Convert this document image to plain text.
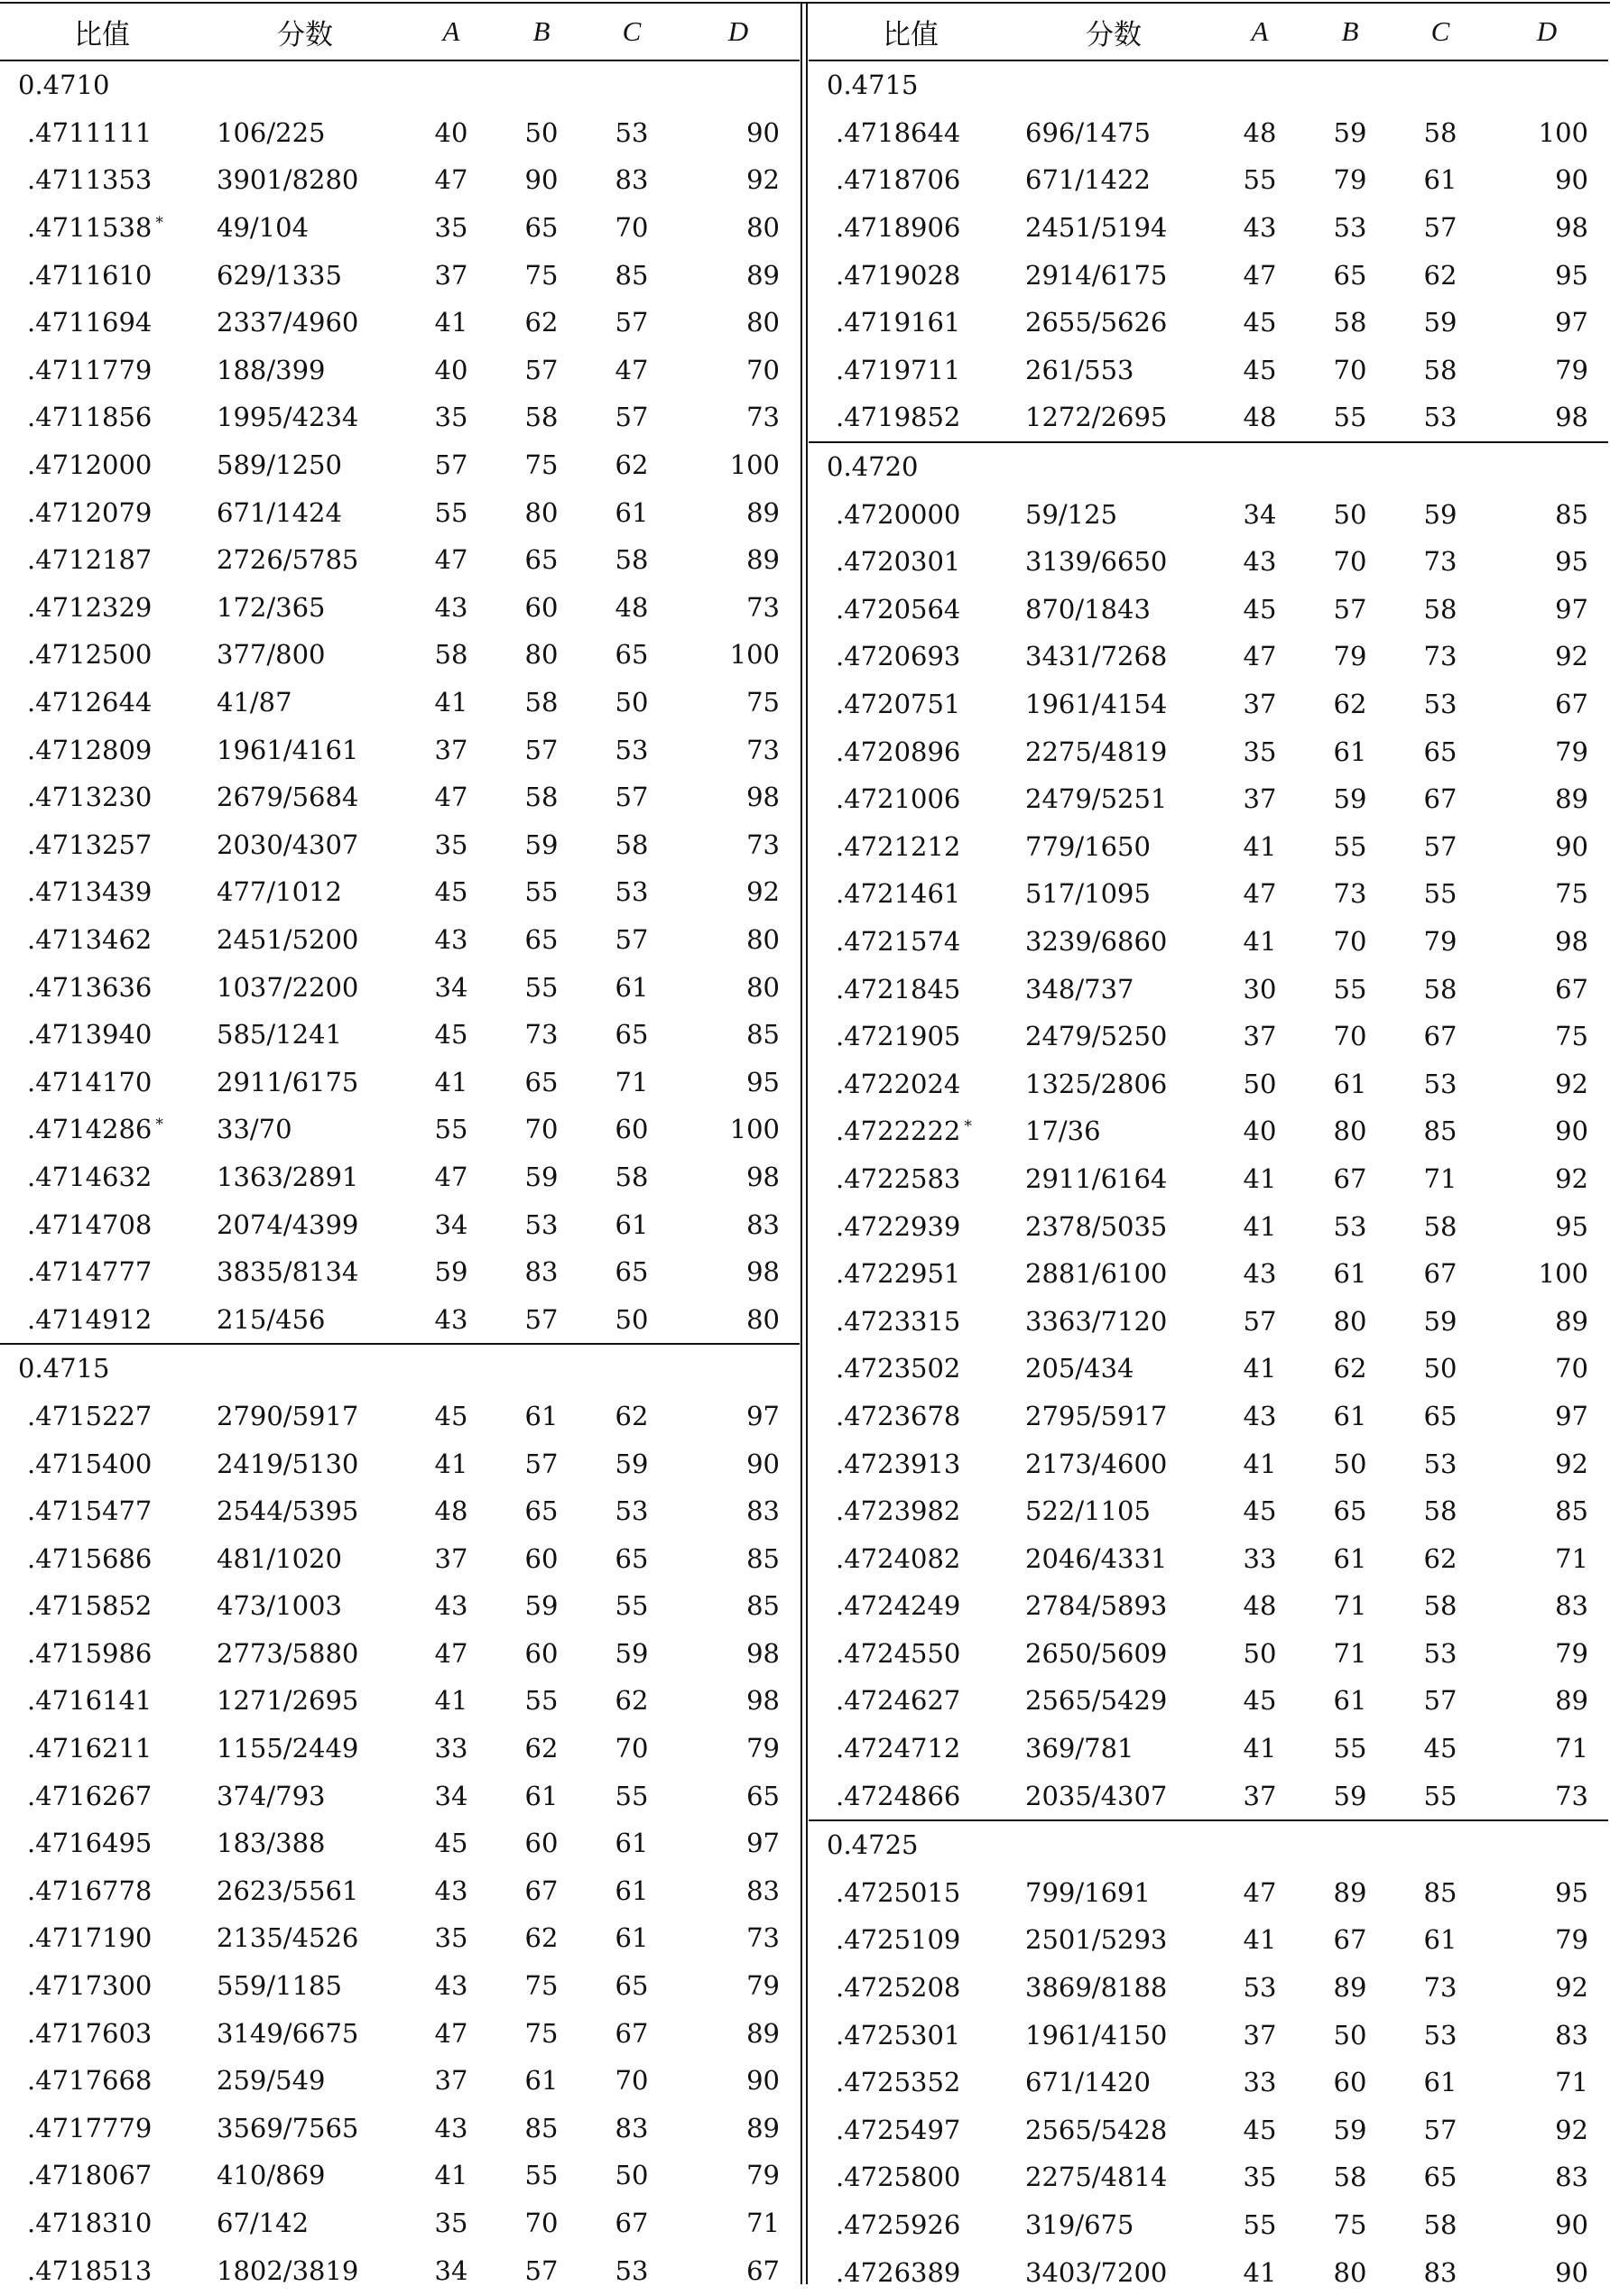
比值	分数	A	B	C	D
0.4710					
.4711111	106/225	40	50	53	90
.4711353	3901/8280	47	90	83	92
.4711538 *	49/104	35	65	70	80
.4711610	629/1335	37	75	85	89
.4711694	2337/4960	41	62	57	80
.4711779	188/399	40	57	47	70
.4711856	1995/4234	35	58	57	73
.4712000	589/1250	57	75	62	100
.4712079	671/1424	55	80	61	89
.4712187	2726/5785	47	65	58	89
.4712329	172/365	43	60	48	73
.4712500	377/800	58	80	65	100
.4712644	41/87	41	58	50	75
.4712809	1961/4161	37	57	53	73
.4713230	2679/5684	47	58	57	98
.4713257	2030/4307	35	59	58	73
.4713439	477/1012	45	55	53	92
.4713462	2451/5200	43	65	57	80
.4713636	1037/2200	34	55	61	80
.4713940	585/1241	45	73	65	85
.4714170	2911/6175	41	65	71	95
.4714286 *	33/70	55	70	60	100
.4714632	1363/2891	47	59	58	98
.4714708	2074/4399	34	53	61	83
.4714777	3835/8134	59	83	65	98
.4714912	215/456	43	57	50	80
0.4715					
.4715227	2790/5917	45	61	62	97
.4715400	2419/5130	41	57	59	90
.4715477	2544/5395	48	65	53	83
.4715686	481/1020	37	60	65	85
.4715852	473/1003	43	59	55	85
.4715986	2773/5880	47	60	59	98
.4716141	1271/2695	41	55	62	98
.4716211	1155/2449	33	62	70	79
.4716267	374/793	34	61	55	65
.4716495	183/388	45	60	61	97
.4716778	2623/5561	43	67	61	83
.4717190	2135/4526	35	62	61	73
.4717300	559/1185	43	75	65	79
.4717603	3149/6675	47	75	67	89
.4717668	259/549	37	61	70	90
.4717779	3569/7565	43	85	83	89
.4718067	410/869	41	55	50	79
.4718310	67/142	35	70	67	71
.4718513	1802/3819	34	57	53	67
比值	分数	A	B	C	D
0.4715					
.4718644	696/1475	48	59	58	100
.4718706	671/1422	55	79	61	90
.4718906	2451/5194	43	53	57	98
.4719028	2914/6175	47	65	62	95
.4719161	2655/5626	45	58	59	97
.4719711	261/553	45	70	58	79
.4719852	1272/2695	48	55	53	98
0.4720					
.4720000	59/125	34	50	59	85
.4720301	3139/6650	43	70	73	95
.4720564	870/1843	45	57	58	97
.4720693	3431/7268	47	79	73	92
.4720751	1961/4154	37	62	53	67
.4720896	2275/4819	35	61	65	79
.4721006	2479/5251	37	59	67	89
.4721212	779/1650	41	55	57	90
.4721461	517/1095	47	73	55	75
.4721574	3239/6860	41	70	79	98
.4721845	348/737	30	55	58	67
.4721905	2479/5250	37	70	67	75
.4722024	1325/2806	50	61	53	92
.4722222 *	17/36	40	80	85	90
.4722583	2911/6164	41	67	71	92
.4722939	2378/5035	41	53	58	95
.4722951	2881/6100	43	61	67	100
.4723315	3363/7120	57	80	59	89
.4723502	205/434	41	62	50	70
.4723678	2795/5917	43	61	65	97
.4723913	2173/4600	41	50	53	92
.4723982	522/1105	45	65	58	85
.4724082	2046/4331	33	61	62	71
.4724249	2784/5893	48	71	58	83
.4724550	2650/5609	50	71	53	79
.4724627	2565/5429	45	61	57	89
.4724712	369/781	41	55	45	71
.4724866	2035/4307	37	59	55	73
0.4725					
.4725015	799/1691	47	89	85	95
.4725109	2501/5293	41	67	61	79
.4725208	3869/8188	53	89	73	92
.4725301	1961/4150	37	50	53	83
.4725352	671/1420	33	60	61	71
.4725497	2565/5428	45	59	57	92
.4725800	2275/4814	35	58	65	83
.4725926	319/675	55	75	58	90
.4726389	3403/7200	41	80	83	90
